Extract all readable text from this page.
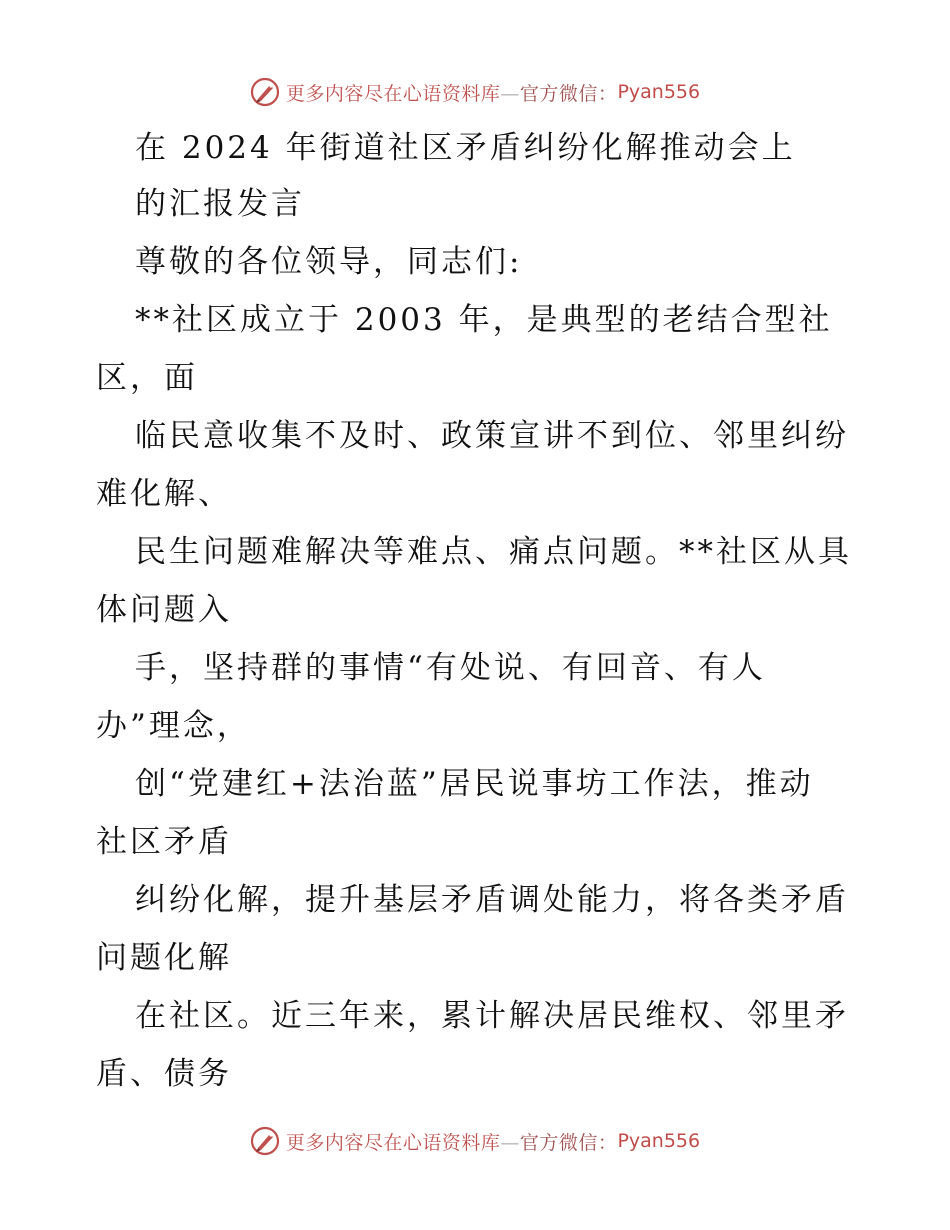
更多内容尽在心语资料库—官方微信： Pyan556
在 2024 年街道社区矛盾纠纷化解推动会上
的汇报发言
尊敬的各位领导，同志们:
**社区成立于 2003 年，是典型的老结合型社
区，面
临民意收集不及时、政策宣讲不到位、邻里纠纷
难化解、
民生问题难解决等难点、痛点问题。**社区从具
体问题入
手，坚持群的事情“有处说、有回音、有人
办”理念，
创“党建红+法治蓝”居民说事坊工作法，推动
社区矛盾
纠纷化解，提升基层矛盾调处能力，将各类矛盾
问题化解
在社区。近三年来，累计解决居民维权、邻里矛
盾、债务
更多内容尽在心语资料库—官方微信： Pyan556
